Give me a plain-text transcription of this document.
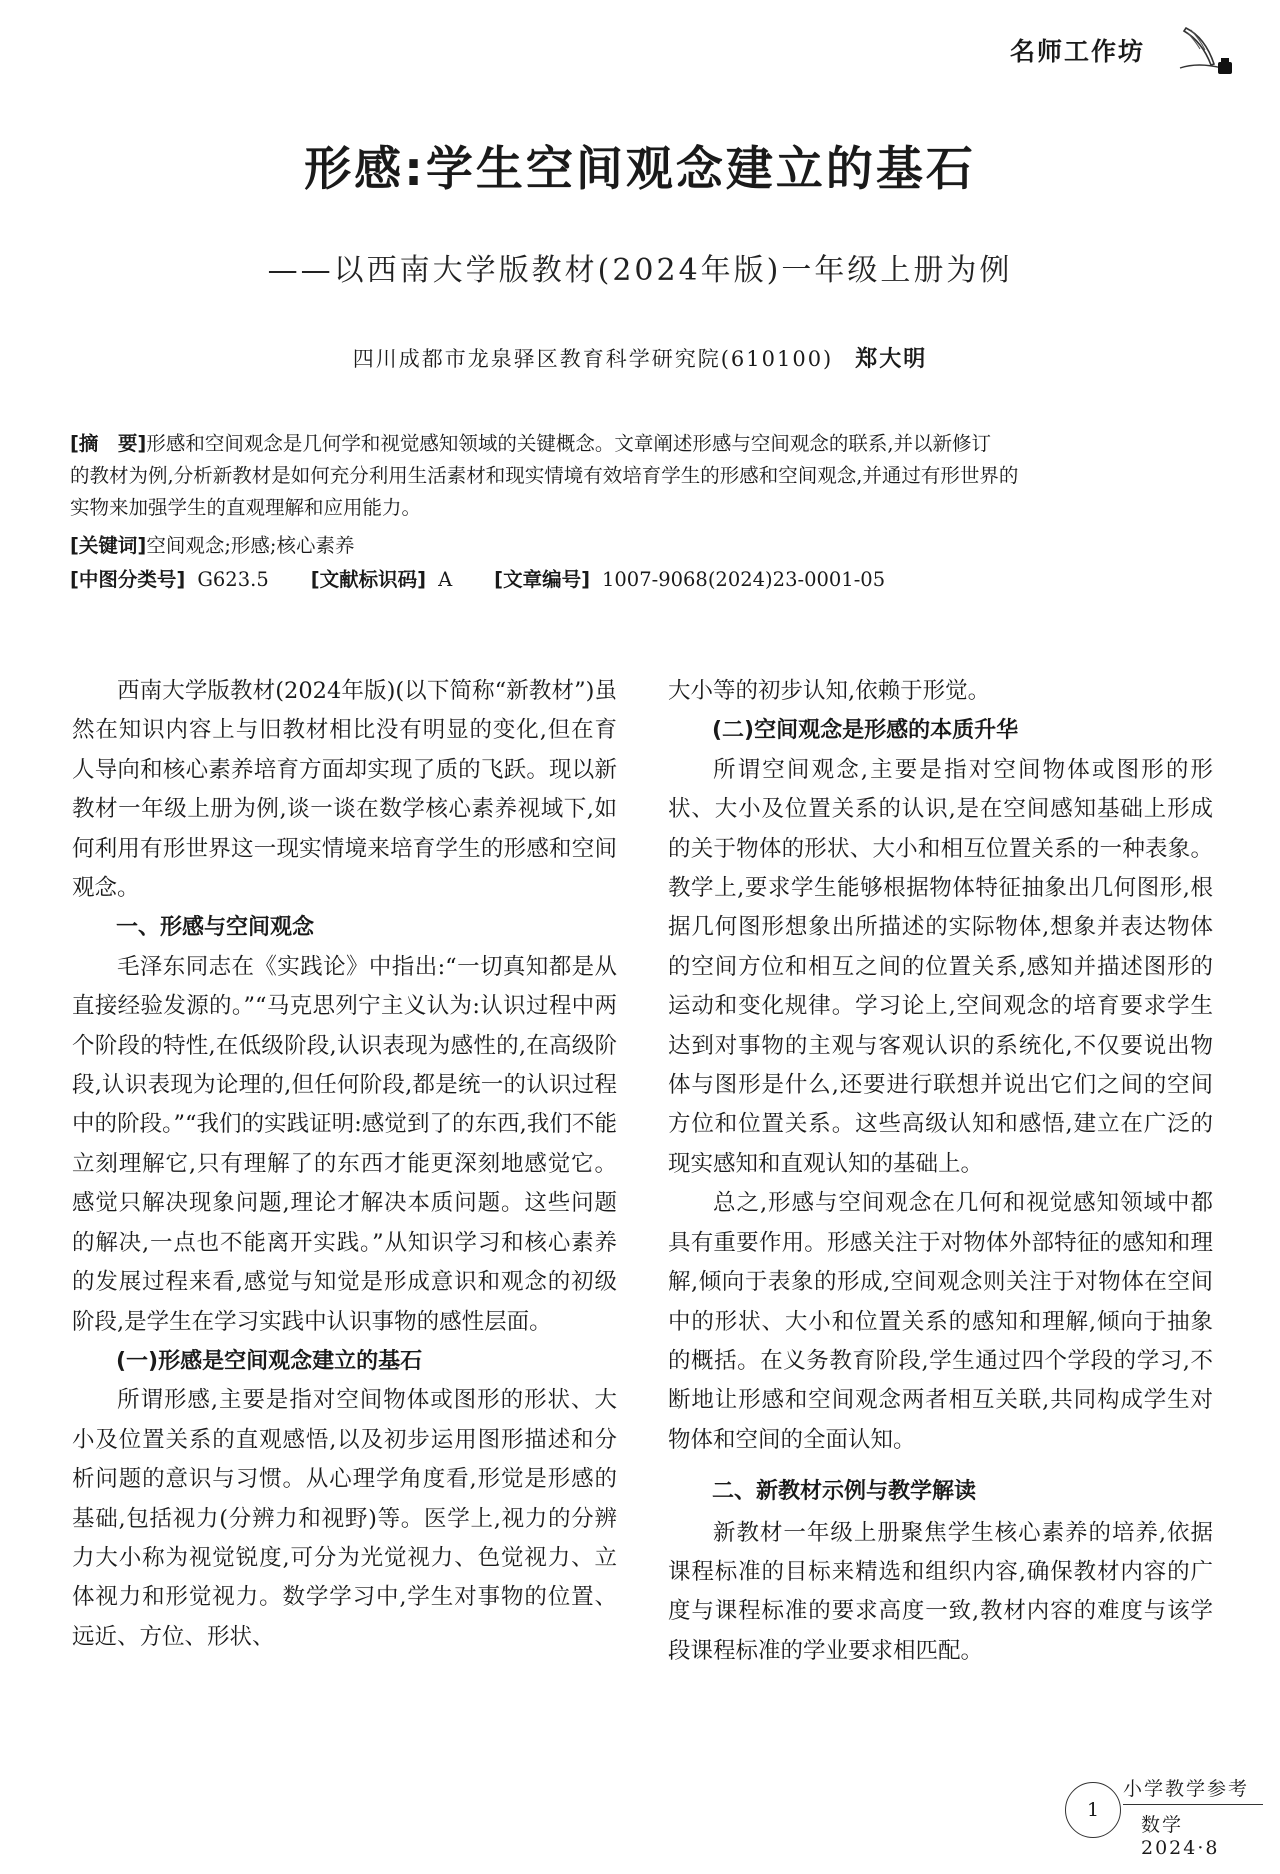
名师工作坊
形感:学生空间观念建立的基石
——以西南大学版教材(2024年版)一年级上册为例
四川成都市龙泉驿区教育科学研究院(610100) 郑大明
[摘　要]形感和空间观念是几何学和视觉感知领域的关键概念。文章阐述形感与空间观念的联系,并以新修订
的教材为例,分析新教材是如何充分利用生活素材和现实情境有效培育学生的形感和空间观念,并通过有形世界的
实物来加强学生的直观理解和应用能力。
[关键词]空间观念;形感;核心素养
[中图分类号] G623.5 [文献标识码] A [文章编号] 1007-9068(2024)23-0001-05

西南大学版教材(2024年版)(以下简称“新教材”)虽然在知识内容上与旧教材相比没有明显的变化,但在育人导向和核心素养培育方面却实现了质的飞跃。现以新教材一年级上册为例,谈一谈在数学核心素养视域下,如何利用有形世界这一现实情境来培育学生的形感和空间观念。

一、形感与空间观念

毛泽东同志在《实践论》中指出:“一切真知都是从直接经验发源的。”“马克思列宁主义认为:认识过程中两个阶段的特性,在低级阶段,认识表现为感性的,在高级阶段,认识表现为论理的,但任何阶段,都是统一的认识过程中的阶段。”“我们的实践证明:感觉到了的东西,我们不能立刻理解它,只有理解了的东西才能更深刻地感觉它。感觉只解决现象问题,理论才解决本质问题。这些问题的解决,一点也不能离开实践。”从知识学习和核心素养的发展过程来看,感觉与知觉是形成意识和观念的初级阶段,是学生在学习实践中认识事物的感性层面。

(一)形感是空间观念建立的基石

所谓形感,主要是指对空间物体或图形的形状、大小及位置关系的直观感悟,以及初步运用图形描述和分析问题的意识与习惯。从心理学角度看,形觉是形感的基础,包括视力(分辨力和视野)等。医学上,视力的分辨力大小称为视觉锐度,可分为光觉视力、色觉视力、立体视力和形觉视力。数学学习中,学生对事物的位置、远近、方位、形状、

大小等的初步认知,依赖于形觉。

(二)空间观念是形感的本质升华

所谓空间观念,主要是指对空间物体或图形的形状、大小及位置关系的认识,是在空间感知基础上形成的关于物体的形状、大小和相互位置关系的一种表象。教学上,要求学生能够根据物体特征抽象出几何图形,根据几何图形想象出所描述的实际物体,想象并表达物体的空间方位和相互之间的位置关系,感知并描述图形的运动和变化规律。学习论上,空间观念的培育要求学生达到对事物的主观与客观认识的系统化,不仅要说出物体与图形是什么,还要进行联想并说出它们之间的空间方位和位置关系。这些高级认知和感悟,建立在广泛的现实感知和直观认知的基础上。

总之,形感与空间观念在几何和视觉感知领域中都具有重要作用。形感关注于对物体外部特征的感知和理解,倾向于表象的形成,空间观念则关注于对物体在空间中的形状、大小和位置关系的感知和理解,倾向于抽象的概括。在义务教育阶段,学生通过四个学段的学习,不断地让形感和空间观念两者相互关联,共同构成学生对物体和空间的全面认知。

二、新教材示例与教学解读

新教材一年级上册聚焦学生核心素养的培养,依据课程标准的目标来精选和组织内容,确保教材内容的广度与课程标准的要求高度一致,教材内容的难度与该学段课程标准的学业要求相匹配。

1
小学教学参考
数学 2024·8
